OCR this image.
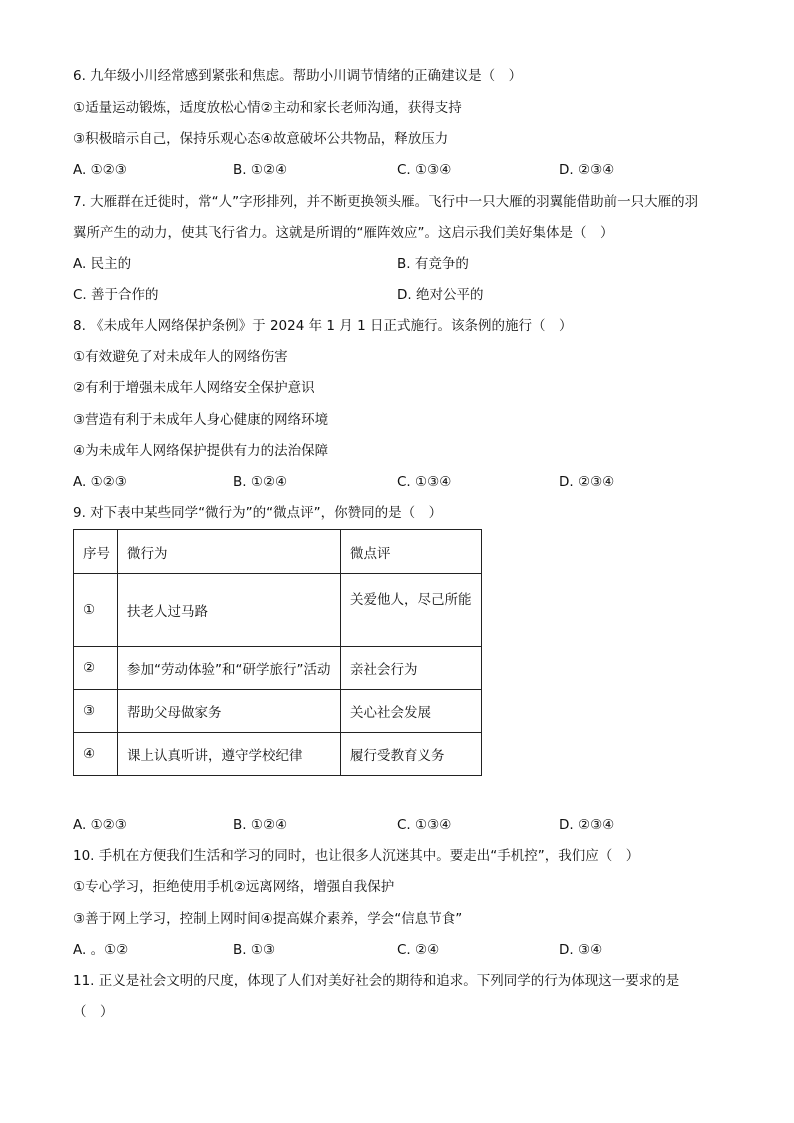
6. 九年级小川经常感到紧张和焦虑。帮助小川调节情绪的正确建议是（　）
①适量运动锻炼，适度放松心情②主动和家长老师沟通，获得支持
③积极暗示自己，保持乐观心态④故意破坏公共物品，释放压力
A. ①②③	B. ①②④	C. ①③④	D. ②③④
7. 大雁群在迁徙时，常“人”字形排列，并不断更换领头雁。飞行中一只大雁的羽翼能借助前一只大雁的羽
翼所产生的动力，使其飞行省力。这就是所谓的“雁阵效应”。这启示我们美好集体是（　）
A. 民主的	B. 有竞争的
C. 善于合作的	D. 绝对公平的
8. 《未成年人网络保护条例》于 2024 年 1 月 1 日正式施行。该条例的施行（　）
①有效避免了对未成年人的网络伤害
②有利于增强未成年人网络安全保护意识
③营造有利于未成年人身心健康的网络环境
④为未成年人网络保护提供有力的法治保障
A. ①②③	B. ①②④	C. ①③④	D. ②③④
9. 对下表中某些同学“微行为”的“微点评”，你赞同的是（　）
序号	微行为	微点评
①	扶老人过马路	关爱他人，尽己所能
②	参加“劳动体验”和“研学旅行”活动	亲社会行为
③	帮助父母做家务	关心社会发展
④	课上认真听讲，遵守学校纪律	履行受教育义务
A. ①②③	B. ①②④	C. ①③④	D. ②③④
10. 手机在方便我们生活和学习的同时，也让很多人沉迷其中。要走出“手机控”，我们应（　）
①专心学习，拒绝使用手机②远离网络，增强自我保护
③善于网上学习，控制上网时间④提高媒介素养，学会“信息节食”
A. 。①②	B. ①③	C. ②④	D. ③④
11. 正义是社会文明的尺度，体现了人们对美好社会的期待和追求。下列同学的行为体现这一要求的是
（　）
